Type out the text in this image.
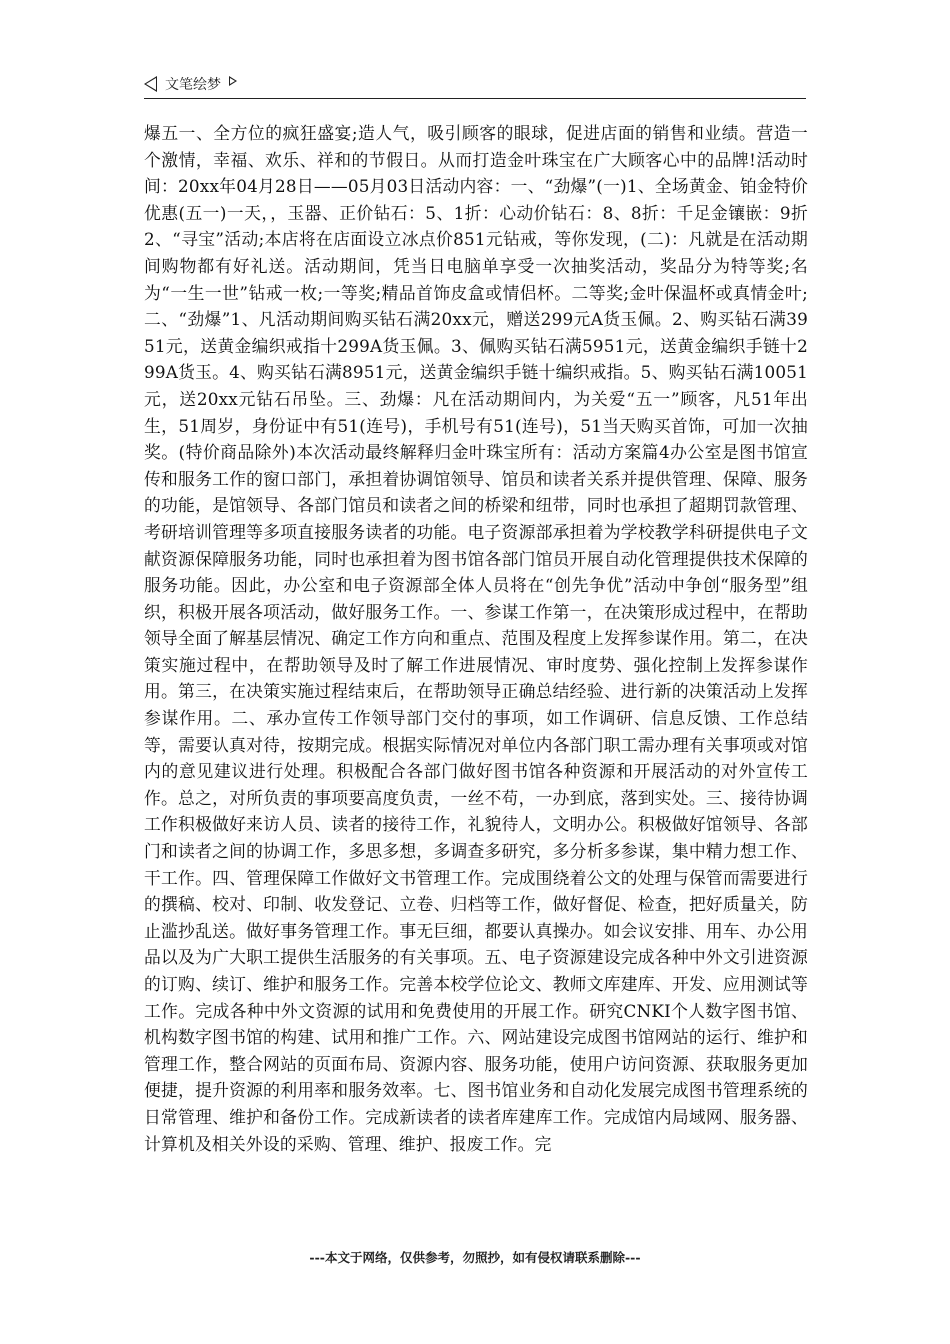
文笔绘梦

爆五一、全方位的疯狂盛宴;造人气，吸引顾客的眼球，促进店面的销售和业绩。营造一个激情，幸福、欢乐、祥和的节假日。从而打造金叶珠宝在广大顾客心中的品牌!活动时间：20xx年04月28日——05月03日活动内容：一、“劲爆”(一)1、全场黄金、铂金特价优惠(五一)一天，，玉器、正价钻石：5、1折：心动价钻石：8、8折：千足金镶嵌：9折2、“寻宝”活动;本店将在店面设立冰点价851元钻戒，等你发现，(二)：凡就是在活动期间购物都有好礼送。活动期间，凭当日电脑单享受一次抽奖活动，奖品分为特等奖;名为“一生一世”钻戒一枚;一等奖;精品首饰皮盒或情侣杯。二等奖;金叶保温杯或真情金叶;二、“劲爆”1、凡活动期间购买钻石满20xx元，赠送299元A货玉佩。2、购买钻石满3951元，送黄金编织戒指十299A货玉佩。3、佩购买钻石满5951元，送黄金编织手链十299A货玉。4、购买钻石满8951元，送黄金编织手链十编织戒指。5、购买钻石满10051元，送20xx元钻石吊坠。三、劲爆：凡在活动期间内，为关爱“五一”顾客，凡51年出生，51周岁，身份证中有51(连号)，手机号有51(连号)，51当天购买首饰，可加一次抽奖。(特价商品除外)本次活动最终解释归金叶珠宝所有：活动方案篇4办公室是图书馆宣传和服务工作的窗口部门，承担着协调馆领导、馆员和读者关系并提供管理、保障、服务的功能，是馆领导、各部门馆员和读者之间的桥梁和纽带，同时也承担了超期罚款管理、考研培训管理等多项直接服务读者的功能。电子资源部承担着为学校教学科研提供电子文献资源保障服务功能，同时也承担着为图书馆各部门馆员开展自动化管理提供技术保障的服务功能。因此，办公室和电子资源部全体人员将在“创先争优”活动中争创“服务型”组织，积极开展各项活动，做好服务工作。一、参谋工作第一，在决策形成过程中，在帮助领导全面了解基层情况、确定工作方向和重点、范围及程度上发挥参谋作用。第二，在决策实施过程中，在帮助领导及时了解工作进展情况、审时度势、强化控制上发挥参谋作用。第三，在决策实施过程结束后，在帮助领导正确总结经验、进行新的决策活动上发挥参谋作用。二、承办宣传工作领导部门交付的事项，如工作调研、信息反馈、工作总结等，需要认真对待，按期完成。根据实际情况对单位内各部门职工需办理有关事项或对馆内的意见建议进行处理。积极配合各部门做好图书馆各种资源和开展活动的对外宣传工作。总之，对所负责的事项要高度负责，一丝不苟，一办到底，落到实处。三、接待协调工作积极做好来访人员、读者的接待工作，礼貌待人，文明办公。积极做好馆领导、各部门和读者之间的协调工作，多思多想，多调查多研究，多分析多参谋，集中精力想工作、干工作。四、管理保障工作做好文书管理工作。完成围绕着公文的处理与保管而需要进行的撰稿、校对、印制、收发登记、立卷、归档等工作，做好督促、检查，把好质量关，防止滥抄乱送。做好事务管理工作。事无巨细，都要认真操办。如会议安排、用车、办公用品以及为广大职工提供生活服务的有关事项。五、电子资源建设完成各种中外文引进资源的订购、续订、维护和服务工作。完善本校学位论文、教师文库建库、开发、应用测试等工作。完成各种中外文资源的试用和免费使用的开展工作。研究CNKI个人数字图书馆、机构数字图书馆的构建、试用和推广工作。六、网站建设完成图书馆网站的运行、维护和管理工作，整合网站的页面布局、资源内容、服务功能，使用户访问资源、获取服务更加便捷，提升资源的利用率和服务效率。七、图书馆业务和自动化发展完成图书管理系统的日常管理、维护和备份工作。完成新读者的读者库建库工作。完成馆内局域网、服务器、计算机及相关外设的采购、管理、维护、报废工作。完

---本文于网络，仅供参考，勿照抄，如有侵权请联系删除---
